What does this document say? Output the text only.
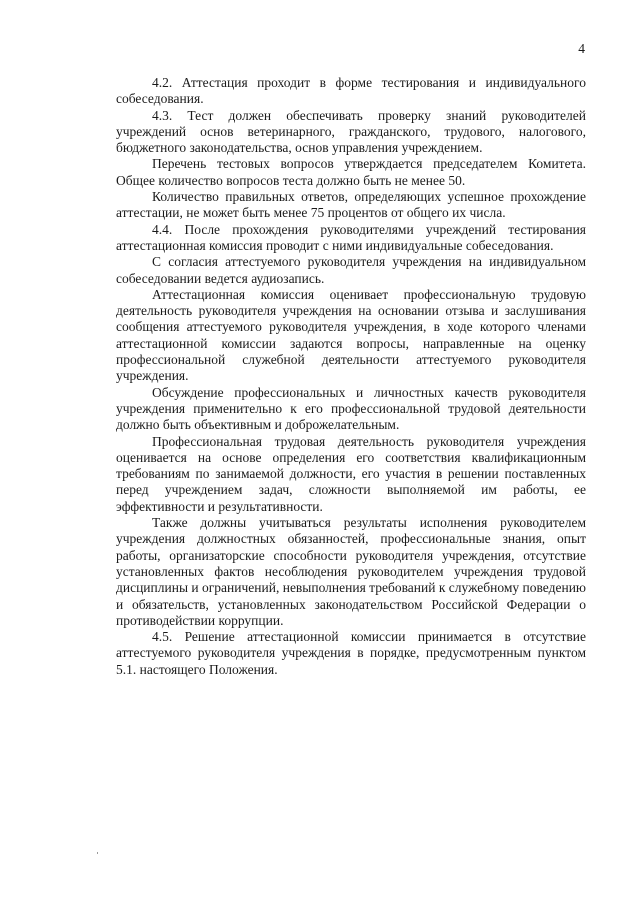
4

4.2. Аттестация проходит в форме тестирования и индивидуального собеседования.

4.3. Тест должен обеспечивать проверку знаний руководителей учреждений основ ветеринарного, гражданского, трудового, налогового, бюджетного законодательства, основ управления учреждением.

Перечень тестовых вопросов утверждается председателем Комитета. Общее количество вопросов теста должно быть не менее 50.

Количество правильных ответов, определяющих успешное прохождение аттестации, не может быть менее 75 процентов от общего их числа.

4.4. После прохождения руководителями учреждений тестирования аттестационная комиссия проводит с ними индивидуальные собеседования.

С согласия аттестуемого руководителя учреждения на индивидуальном собеседовании ведется аудиозапись.

Аттестационная комиссия оценивает профессиональную трудовую деятельность руководителя учреждения на основании отзыва и заслушивания сообщения аттестуемого руководителя учреждения, в ходе которого членами аттестационной комиссии задаются вопросы, направленные на оценку профессиональной служебной деятельности аттестуемого руководителя учреждения.

Обсуждение профессиональных и личностных качеств руководителя учреждения применительно к его профессиональной трудовой деятельности должно быть объективным и доброжелательным.

Профессиональная трудовая деятельность руководителя учреждения оценивается на основе определения его соответствия квалификационным требованиям по занимаемой должности, его участия в решении поставленных перед учреждением задач, сложности выполняемой им работы, ее эффективности и результативности.

Также должны учитываться результаты исполнения руководителем учреждения должностных обязанностей, профессиональные знания, опыт работы, организаторские способности руководителя учреждения, отсутствие установленных фактов несоблюдения руководителем учреждения трудовой дисциплины и ограничений, невыполнения требований к служебному поведению и обязательств, установленных законодательством Российской Федерации о противодействии коррупции.

4.5. Решение аттестационной комиссии принимается в отсутствие аттестуемого руководителя учреждения в порядке, предусмотренным пунктом 5.1. настоящего Положения.
